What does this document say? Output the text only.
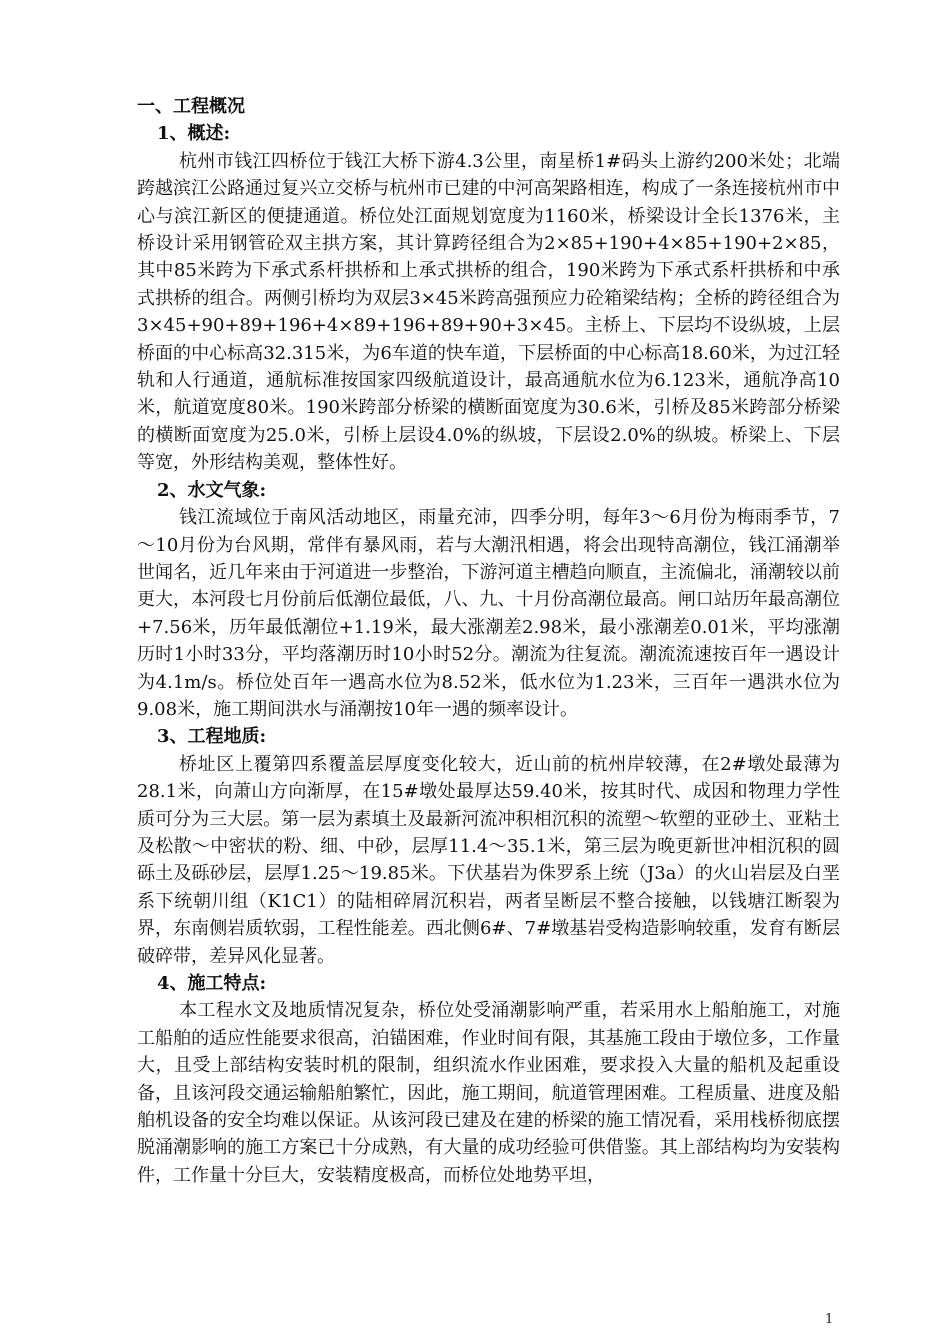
一、工程概况

1、概述:

杭州市钱江四桥位于钱江大桥下游4.3公里，南星桥1#码头上游约200米处；北端跨越滨江公路通过复兴立交桥与杭州市已建的中河高架路相连，构成了一条连接杭州市中心与滨江新区的便捷通道。桥位处江面规划宽度为1160米，桥梁设计全长1376米，主桥设计采用钢管砼双主拱方案，其计算跨径组合为2×85+190+4×85+190+2×85，其中85米跨为下承式系杆拱桥和上承式拱桥的组合，190米跨为下承式系杆拱桥和中承式拱桥的组合。两侧引桥均为双层3×45米跨高强预应力砼箱梁结构；全桥的跨径组合为3×45+90+89+196+4×89+196+89+90+3×45。主桥上、下层均不设纵坡，上层桥面的中心标高32.315米，为6车道的快车道，下层桥面的中心标高18.60米，为过江轻轨和人行通道，通航标准按国家四级航道设计，最高通航水位为6.123米，通航净高10米，航道宽度80米。190米跨部分桥梁的横断面宽度为30.6米，引桥及85米跨部分桥梁的横断面宽度为25.0米，引桥上层设4.0%的纵坡，下层设2.0%的纵坡。桥梁上、下层等宽，外形结构美观，整体性好。

2、水文气象:

钱江流域位于南风活动地区，雨量充沛，四季分明，每年3～6月份为梅雨季节，7～10月份为台风期，常伴有暴风雨，若与大潮汛相遇，将会出现特高潮位，钱江涌潮举世闻名，近几年来由于河道进一步整治，下游河道主槽趋向顺直，主流偏北，涌潮较以前更大，本河段七月份前后低潮位最低，八、九、十月份高潮位最高。闸口站历年最高潮位+7.56米，历年最低潮位+1.19米，最大涨潮差2.98米，最小涨潮差0.01米，平均涨潮历时1小时33分，平均落潮历时10小时52分。潮流为往复流。潮流流速按百年一遇设计为4.1m/s。桥位处百年一遇高水位为8.52米，低水位为1.23米，三百年一遇洪水位为9.08米，施工期间洪水与涌潮按10年一遇的频率设计。

3、工程地质:

桥址区上覆第四系覆盖层厚度变化较大，近山前的杭州岸较薄，在2#墩处最薄为28.1米，向萧山方向渐厚，在15#墩处最厚达59.40米，按其时代、成因和物理力学性质可分为三大层。第一层为素填土及最新河流冲积相沉积的流塑～软塑的亚砂土、亚粘土及松散～中密状的粉、细、中砂，层厚11.4～35.1米，第三层为晚更新世冲相沉积的圆砾土及砾砂层，层厚1.25～19.85米。下伏基岩为侏罗系上统（J3a）的火山岩层及白垩系下统朝川组（K1C1）的陆相碎屑沉积岩，两者呈断层不整合接触，以钱塘江断裂为界，东南侧岩质软弱，工程性能差。西北侧6#、7#墩基岩受构造影响较重，发育有断层破碎带，差异风化显著。

4、施工特点:

本工程水文及地质情况复杂，桥位处受涌潮影响严重，若采用水上船舶施工，对施工船舶的适应性能要求很高，泊锚困难，作业时间有限，其基施工段由于墩位多，工作量大，且受上部结构安装时机的限制，组织流水作业困难，要求投入大量的船机及起重设备，且该河段交通运输船舶繁忙，因此，施工期间，航道管理困难。工程质量、进度及船舶机设备的安全均难以保证。从该河段已建及在建的桥梁的施工情况看，采用栈桥彻底摆脱涌潮影响的施工方案已十分成熟，有大量的成功经验可供借鉴。其上部结构均为安装构件，工作量十分巨大，安装精度极高，而桥位处地势平坦，

1
